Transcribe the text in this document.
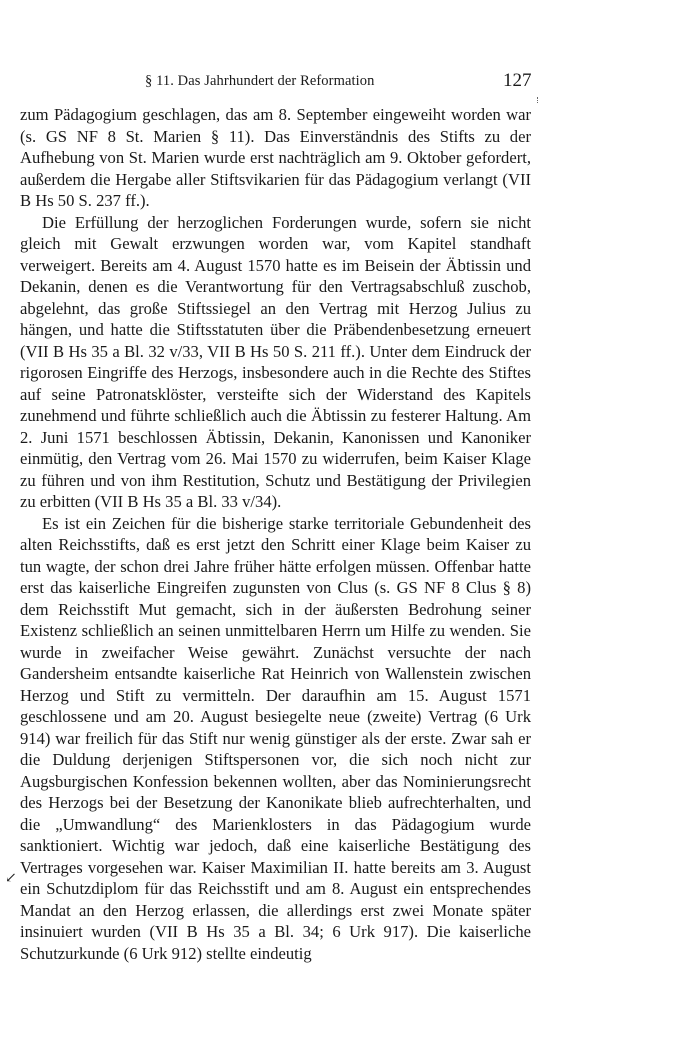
§ 11. Das Jahrhundert der Reformation	127

zum Pädagogium geschlagen, das am 8. September eingeweiht worden war (s. GS NF 8 St. Marien § 11). Das Einverständnis des Stifts zu der Aufhebung von St. Marien wurde erst nachträglich am 9. Oktober gefordert, außerdem die Hergabe aller Stiftsvikarien für das Pädagogium verlangt (VII B Hs 50 S. 237 ff.).

Die Erfüllung der herzoglichen Forderungen wurde, sofern sie nicht gleich mit Gewalt erzwungen worden war, vom Kapitel standhaft verweigert. Bereits am 4. August 1570 hatte es im Beisein der Äbtissin und Dekanin, denen es die Verantwortung für den Vertragsabschluß zuschob, abgelehnt, das große Stiftssiegel an den Vertrag mit Herzog Julius zu hängen, und hatte die Stiftsstatuten über die Präbendenbesetzung erneuert (VII B Hs 35 a Bl. 32 v/33, VII B Hs 50 S. 211 ff.). Unter dem Eindruck der rigorosen Eingriffe des Herzogs, insbesondere auch in die Rechte des Stiftes auf seine Patronatsklöster, versteifte sich der Widerstand des Kapitels zunehmend und führte schließlich auch die Äbtissin zu festerer Haltung. Am 2. Juni 1571 beschlossen Äbtissin, Dekanin, Kanonissen und Kanoniker einmütig, den Vertrag vom 26. Mai 1570 zu widerrufen, beim Kaiser Klage zu führen und von ihm Restitution, Schutz und Bestätigung der Privilegien zu erbitten (VII B Hs 35 a Bl. 33 v/34).

Es ist ein Zeichen für die bisherige starke territoriale Gebundenheit des alten Reichsstifts, daß es erst jetzt den Schritt einer Klage beim Kaiser zu tun wagte, der schon drei Jahre früher hätte erfolgen müssen. Offenbar hatte erst das kaiserliche Eingreifen zugunsten von Clus (s. GS NF 8 Clus § 8) dem Reichsstift Mut gemacht, sich in der äußersten Bedrohung seiner Existenz schließlich an seinen unmittelbaren Herrn um Hilfe zu wenden. Sie wurde in zweifacher Weise gewährt. Zunächst versuchte der nach Gandersheim entsandte kaiserliche Rat Heinrich von Wallenstein zwischen Herzog und Stift zu vermitteln. Der daraufhin am 15. August 1571 geschlossene und am 20. August besiegelte neue (zweite) Vertrag (6 Urk 914) war freilich für das Stift nur wenig günstiger als der erste. Zwar sah er die Duldung derjenigen Stiftspersonen vor, die sich noch nicht zur Augsburgischen Konfession bekennen wollten, aber das Nominierungsrecht des Herzogs bei der Besetzung der Kanonikate blieb aufrechterhalten, und die „Umwandlung“ des Marienklosters in das Pädagogium wurde sanktioniert. Wichtig war jedoch, daß eine kaiserliche Bestätigung des Vertrages vorgesehen war. Kaiser Maximilian II. hatte bereits am 3. August ein Schutzdiplom für das Reichsstift und am 8. August ein entsprechendes Mandat an den Herzog erlassen, die allerdings erst zwei Monate später insinuiert wurden (VII B Hs 35 a Bl. 34; 6 Urk 917). Die kaiserliche Schutzurkunde (6 Urk 912) stellte eindeutig

↙
